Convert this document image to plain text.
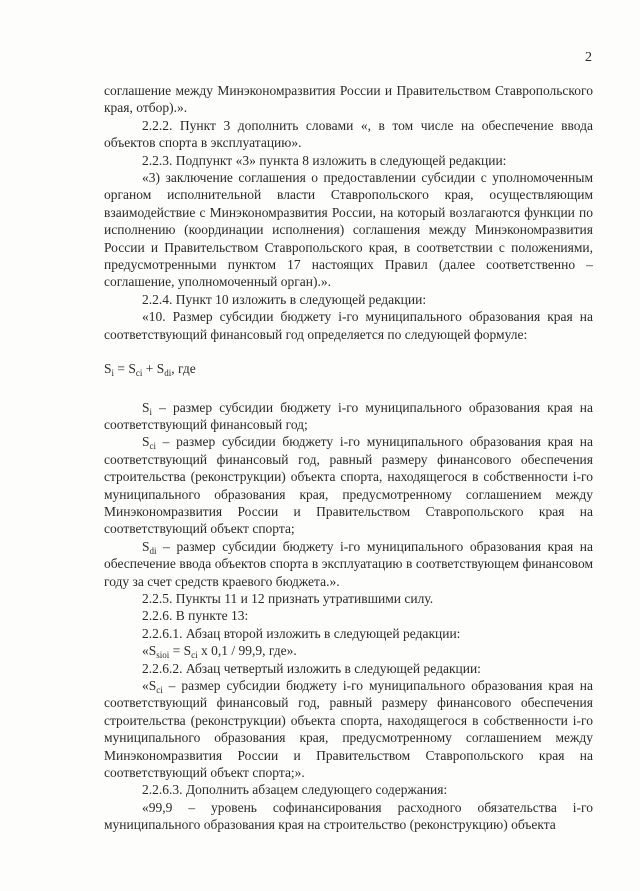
2

соглашение между Минэкономразвития России и Правительством Ставропольского края, отбор).».

2.2.2. Пункт 3 дополнить словами «, в том числе на обеспечение ввода объектов спорта в эксплуатацию».

2.2.3. Подпункт «3» пункта 8 изложить в следующей редакции:

«3) заключение соглашения о предоставлении субсидии с уполномоченным органом исполнительной власти Ставропольского края, осуществляющим взаимодействие с Минэкономразвития России, на который возлагаются функции по исполнению (координации исполнения) соглашения между Минэкономразвития России и Правительством Ставропольского края, в соответствии с положениями, предусмотренными пунктом 17 настоящих Правил (далее соответственно – соглашение, уполномоченный орган).».

2.2.4. Пункт 10 изложить в следующей редакции:

«10. Размер субсидии бюджету i-го муниципального образования края на соответствующий финансовый год определяется по следующей формуле:

$S_i = S_{ci} + S_{di}$, где

$S_i$ – размер субсидии бюджету i-го муниципального образования края на соответствующий финансовый год;

$S_{ci}$ – размер субсидии бюджету i-го муниципального образования края на соответствующий финансовый год, равный размеру финансового обеспечения строительства (реконструкции) объекта спорта, находящегося в собственности i-го муниципального образования края, предусмотренному соглашением между Минэкономразвития России и Правительством Ставропольского края на соответствующий объект спорта;

$S_{di}$ – размер субсидии бюджету i-го муниципального образования края на обеспечение ввода объектов спорта в эксплуатацию в соответствующем финансовом году за счет средств краевого бюджета.».

2.2.5. Пункты 11 и 12 признать утратившими силу.

2.2.6. В пункте 13:

2.2.6.1. Абзац второй изложить в следующей редакции:

«$S_{sioi} = S_{ci}$ х 0,1 / 99,9, где».

2.2.6.2. Абзац четвертый изложить в следующей редакции:

«$S_{ci}$ – размер субсидии бюджету i-го муниципального образования края на соответствующий финансовый год, равный размеру финансового обеспечения строительства (реконструкции) объекта спорта, находящегося в собственности i-го муниципального образования края, предусмотренному соглашением между Минэкономразвития России и Правительством Ставропольского края на соответствующий объект спорта;».

2.2.6.3. Дополнить абзацем следующего содержания:

«99,9 – уровень софинансирования расходного обязательства i-го муниципального образования края на строительство (реконструкцию) объекта
